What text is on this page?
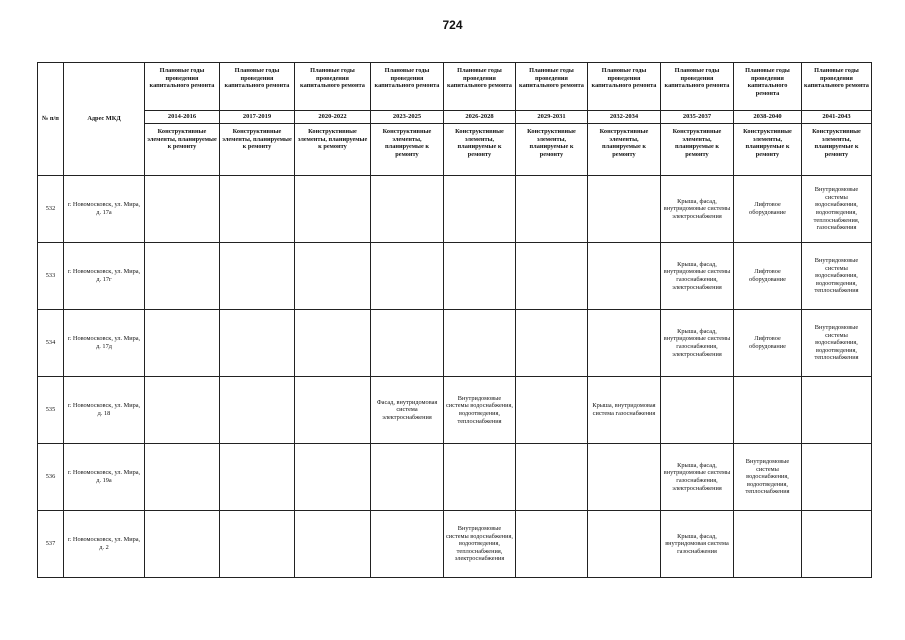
724
№ п/п	Адрес МКД	Плановые годы проведения капитального ремонта	Плановые годы проведения капитального ремонта	Плановые годы проведения капитального ремонта	Плановые годы проведения капитального ремонта	Плановые годы проведения капитального ремонта	Плановые годы проведения капитального ремонта	Плановые годы проведения капитального ремонта	Плановые годы проведения капитального ремонта	Плановые годы проведения капитального ремонта	Плановые годы проведения капитального ремонта	
		2014-2016	2017-2019	2020-2022	2023-2025	2026-2028	2029-2031	2032-2034	2035-2037	2038-2040	2041-2043	
		Конструктивные элементы, планируемые к ремонту	Конструктивные элементы, планируемые к ремонту	Конструктивные элементы, планируемые к ремонту	Конструктивные элементы, планируемые к ремонту	Конструктивные элементы, планируемые к ремонту	Конструктивные элементы, планируемые к ремонту	Конструктивные элементы, планируемые к ремонту	Конструктивные элементы, планируемые к ремонту	Конструктивные элементы, планируемые к ремонту	Конструктивные элементы, планируемые к ремонту	
532	г. Новомосковск, ул. Мира, д. 17а								Крыша, фасад, внутридомовые системы электроснабжения	Лифтовое оборудование	Внутридомовые системы водоснабжения, водоотведения, теплоснабжения, газоснабжения	
533	г. Новомосковск, ул. Мира, д. 17г								Крыша, фасад, внутридомовые системы газоснабжения, электроснабжения	Лифтовое оборудование	Внутридомовые системы водоснабжения, водоотведения, теплоснабжения	
534	г. Новомосковск, ул. Мира, д. 17д								Крыша, фасад, внутридомовые системы газоснабжения, электроснабжения	Лифтовое оборудование	Внутридомовые системы водоснабжения, водоотведения, теплоснабжения	
535	г. Новомосковск, ул. Мира, д. 18				Фасад, внутридомовая система электроснабжения	Внутридомовые системы водоснабжения, водоотведения, теплоснабжения		Крыша, внутридомовая система газоснабжения				
536	г. Новомосковск, ул. Мира, д. 19а								Крыша, фасад, внутридомовые системы газоснабжения, электроснабжения	Внутридомовые системы водоснабжения, водоотведения, теплоснабжения		
537	г. Новомосковск, ул. Мира, д. 2					Внутридомовые системы водоснабжения, водоотведения, теплоснабжения, электроснабжения			Крыша, фасад, внутридомовая система газоснабжения			
